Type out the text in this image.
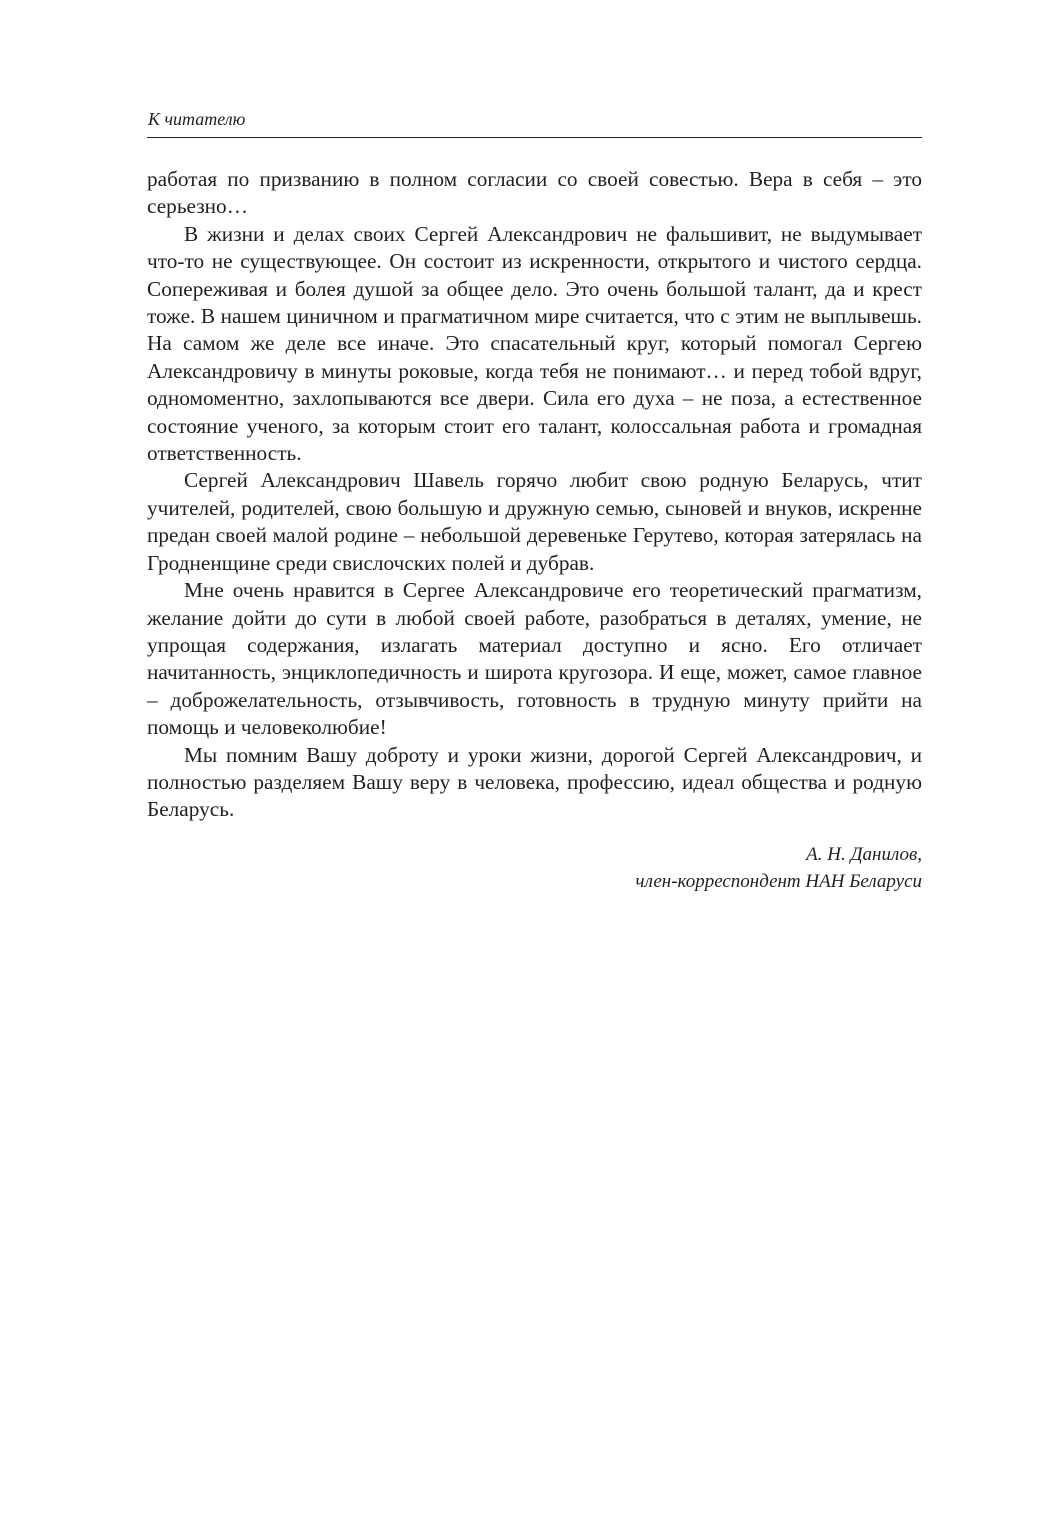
К читателю

работая по призванию в полном согласии со своей совестью. Вера в себя – это серьезно…

В жизни и делах своих Сергей Александрович не фальшивит, не выдумывает что-то не существующее. Он состоит из искренности, открытого и чистого сердца. Сопереживая и болея душой за общее дело. Это очень большой талант, да и крест тоже. В нашем циничном и прагматичном мире считается, что с этим не выплывешь. На самом же деле все иначе. Это спасательный круг, который помогал Сергею Александровичу в минуты роковые, когда тебя не понимают… и перед тобой вдруг, одномоментно, захлопываются все двери. Сила его духа – не поза, а естественное состояние ученого, за которым стоит его талант, колоссальная работа и громадная ответственность.

Сергей Александрович Шавель горячо любит свою родную Беларусь, чтит учителей, родителей, свою большую и дружную семью, сыновей и внуков, искренне предан своей малой родине – небольшой деревеньке Герутево, которая затерялась на Гродненщине среди свислочских полей и дубрав.

Мне очень нравится в Сергее Александровиче его теоретический прагматизм, желание дойти до сути в любой своей работе, разобраться в деталях, умение, не упрощая содержания, излагать материал доступно и ясно. Его отличает начитанность, энциклопедичность и широта кругозора. И еще, может, самое главное – доброжелательность, отзывчивость, готовность в трудную минуту прийти на помощь и человеколюбие!

Мы помним Вашу доброту и уроки жизни, дорогой Сергей Александрович, и полностью разделяем Вашу веру в человека, профессию, идеал общества и родную Беларусь.

А. Н. Данилов,
член-корреспондент НАН Беларуси
